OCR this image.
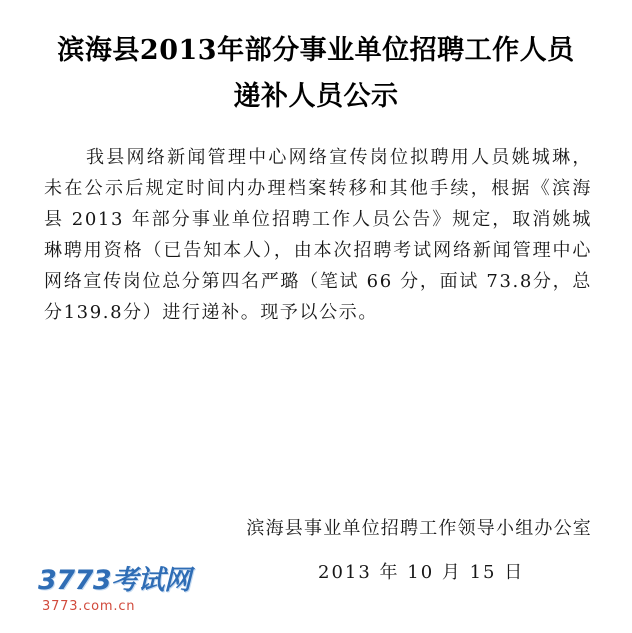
滨海县2013年部分事业单位招聘工作人员
递补人员公示

我县网络新闻管理中心网络宣传岗位拟聘用人员姚城琳，未在公示后规定时间内办理档案转移和其他手续，根据《滨海县 2013 年部分事业单位招聘工作人员公告》规定，取消姚城琳聘用资格（已告知本人），由本次招聘考试网络新闻管理中心网络宣传岗位总分第四名严璐（笔试 66 分，面试 73.8分，总分139.8分）进行递补。现予以公示。

滨海县事业单位招聘工作领导小组办公室
2013 年 10 月 15 日
3773考试网
3773.com.cn
